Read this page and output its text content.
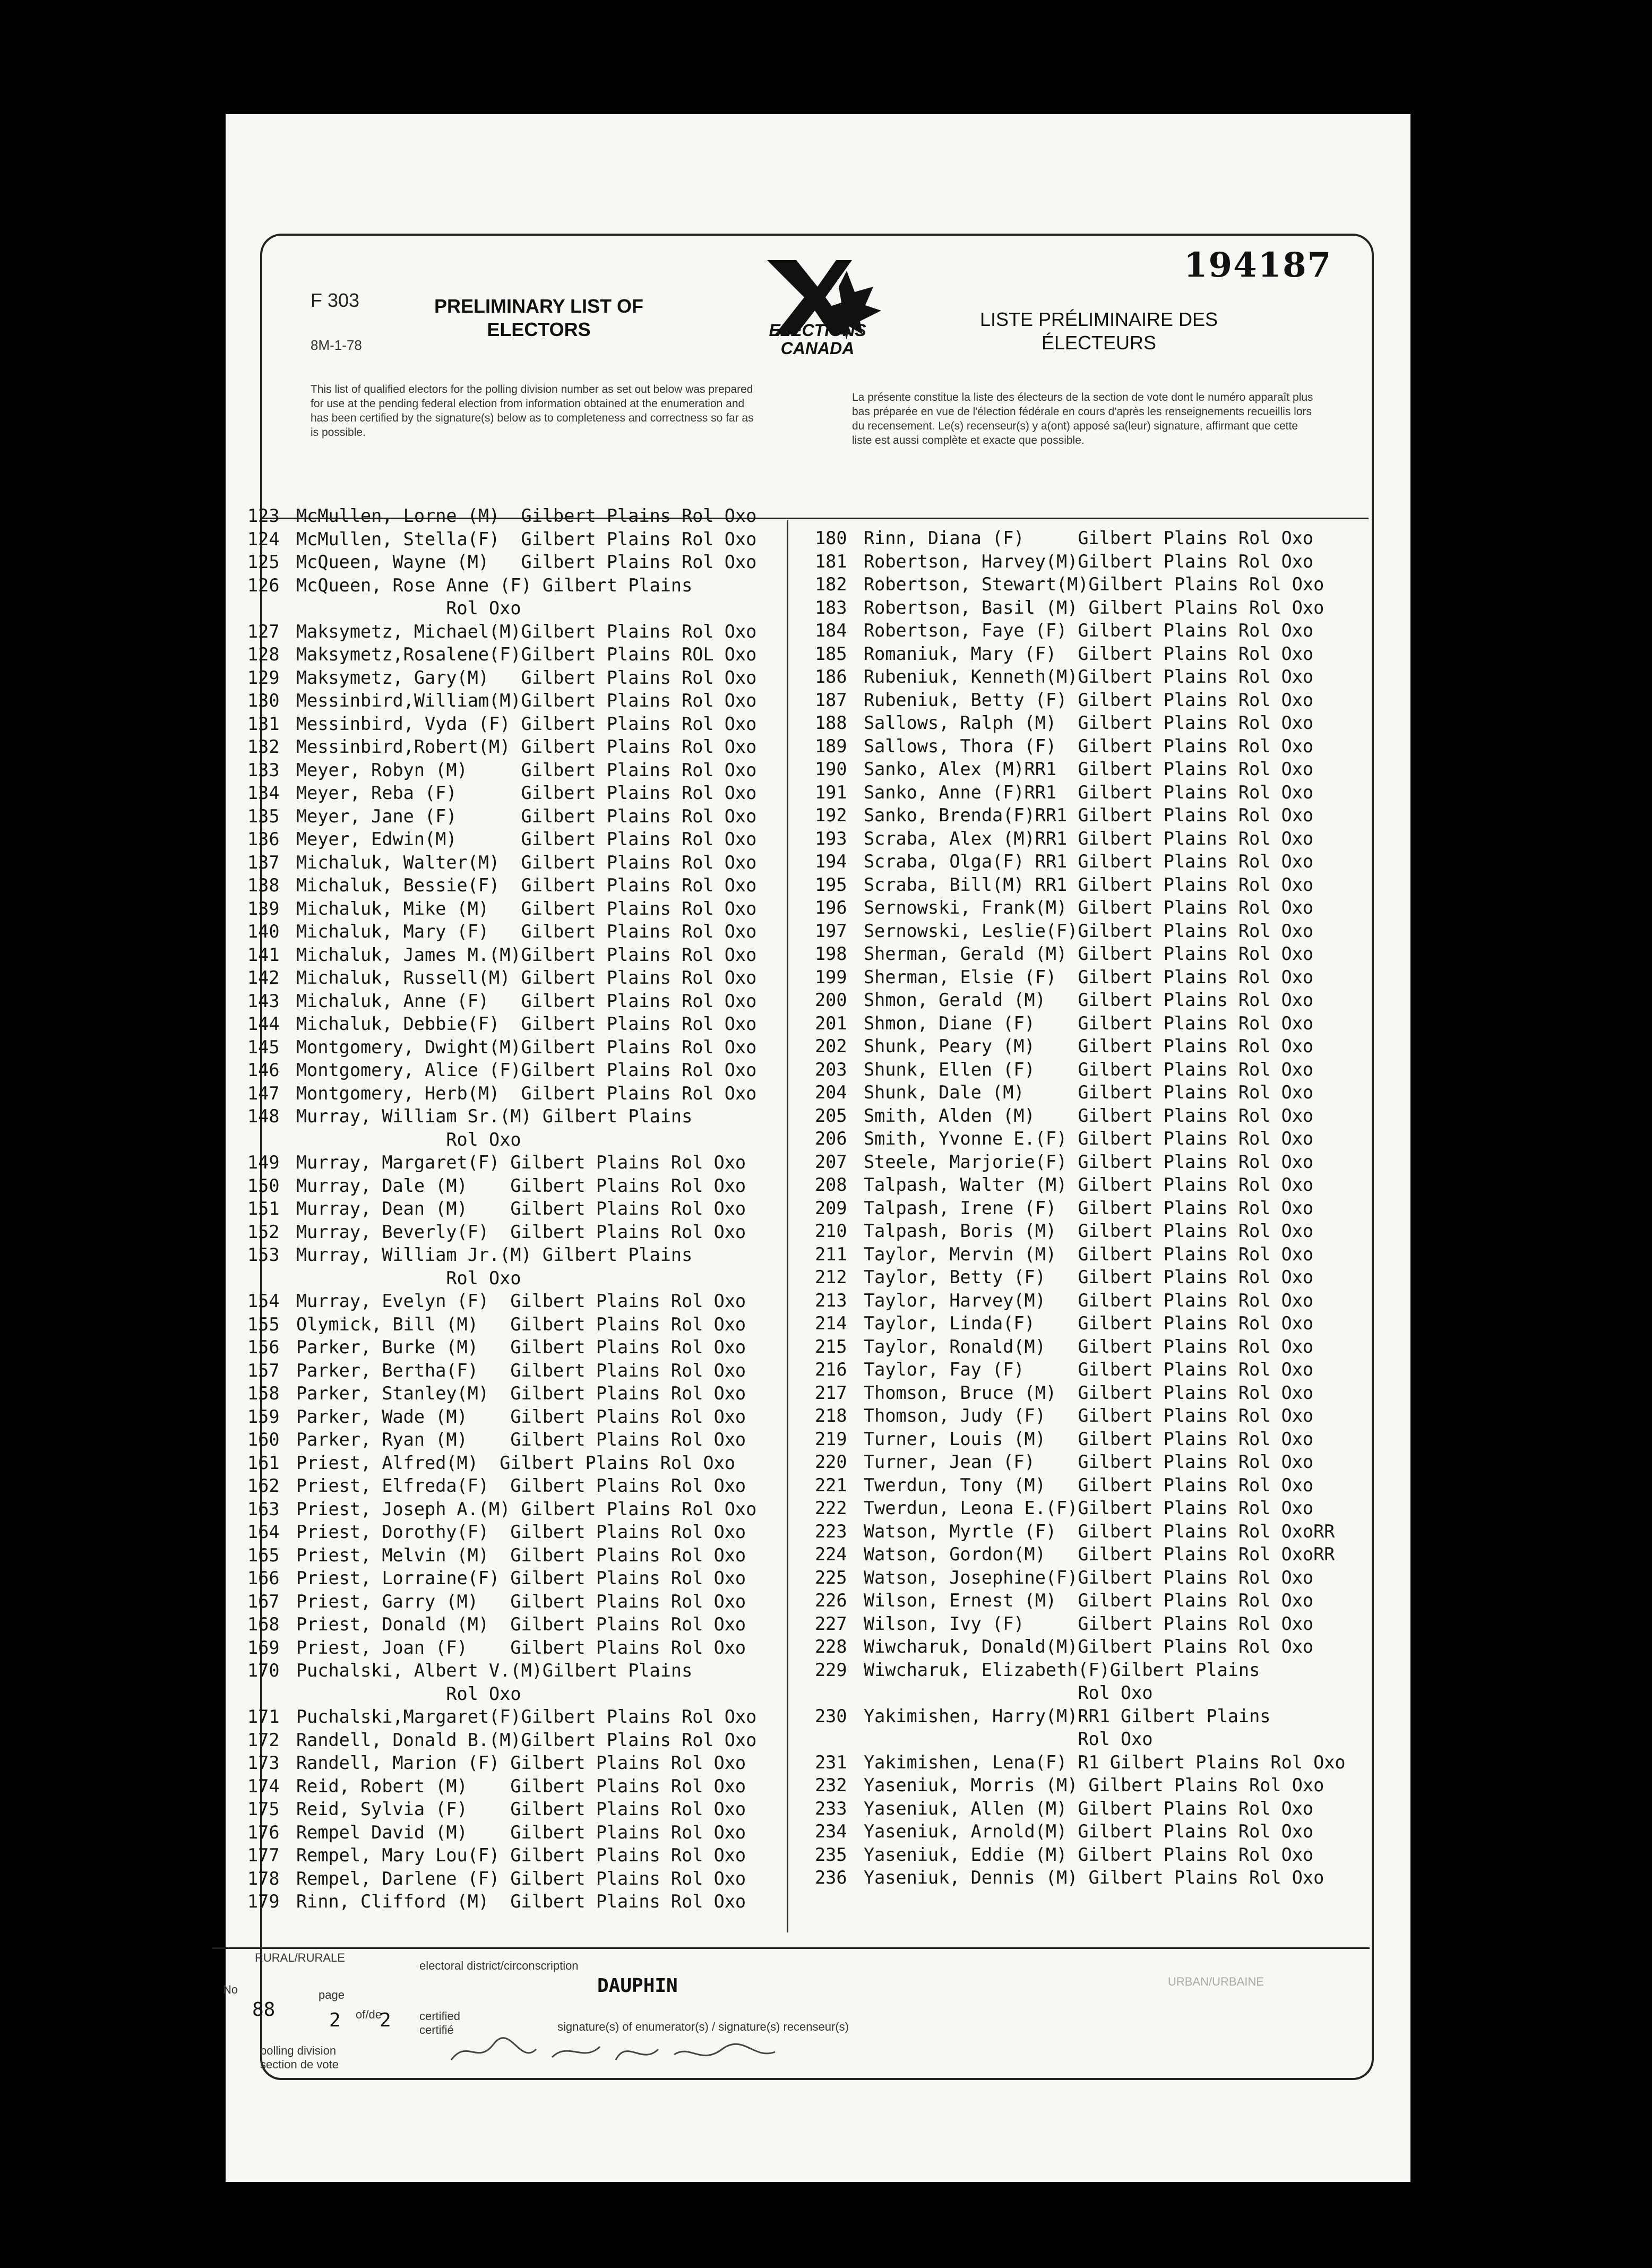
194187
F 303
8M-1-78
PRELIMINARY LIST OF ELECTORS	LISTE PRÉLIMINAIRE DES ÉLECTEURS
ELECTIONS CANADA
This list of qualified electors for the polling division number as set out below was prepared for use at the pending federal election from information obtained at the enumeration and has been certified by the signature(s) below as to completeness and correctness so far as is possible.
La présente constitue la liste des électeurs de la section de vote dont le numéro apparaît plus bas préparée en vue de l'élection fédérale en cours d'après les renseignements recueillis lors du recensement. Le(s) recenseur(s) y a(ont) apposé sa(leur) signature, affirmant que cette liste est aussi complète et exacte que possible.
123 McMullen, Lorne (M)  Gilbert Plains Rol Oxo
124 McMullen, Stella(F)  Gilbert Plains Rol Oxo
125 McQueen, Wayne (M)   Gilbert Plains Rol Oxo
126 McQueen, Rose Anne (F) Gilbert Plains
Rol Oxo
127 Maksymetz, Michael(M)Gilbert Plains Rol Oxo
128 Maksymetz,Rosalene(F)Gilbert Plains ROL Oxo
129 Maksymetz, Gary(M)   Gilbert Plains Rol Oxo
130 Messinbird,William(M)Gilbert Plains Rol Oxo
131 Messinbird, Vyda (F) Gilbert Plains Rol Oxo
132 Messinbird,Robert(M) Gilbert Plains Rol Oxo
133 Meyer, Robyn (M)     Gilbert Plains Rol Oxo
134 Meyer, Reba (F)      Gilbert Plains Rol Oxo
135 Meyer, Jane (F)      Gilbert Plains Rol Oxo
136 Meyer, Edwin(M)      Gilbert Plains Rol Oxo
137 Michaluk, Walter(M)  Gilbert Plains Rol Oxo
138 Michaluk, Bessie(F)  Gilbert Plains Rol Oxo
139 Michaluk, Mike (M)   Gilbert Plains Rol Oxo
140 Michaluk, Mary (F)   Gilbert Plains Rol Oxo
141 Michaluk, James M.(M)Gilbert Plains Rol Oxo
142 Michaluk, Russell(M) Gilbert Plains Rol Oxo
143 Michaluk, Anne (F)   Gilbert Plains Rol Oxo
144 Michaluk, Debbie(F)  Gilbert Plains Rol Oxo
145 Montgomery, Dwight(M)Gilbert Plains Rol Oxo
146 Montgomery, Alice (F)Gilbert Plains Rol Oxo
147 Montgomery, Herb(M)  Gilbert Plains Rol Oxo
148 Murray, William Sr.(M) Gilbert Plains
Rol Oxo
149 Murray, Margaret(F) Gilbert Plains Rol Oxo
150 Murray, Dale (M)    Gilbert Plains Rol Oxo
151 Murray, Dean (M)    Gilbert Plains Rol Oxo
152 Murray, Beverly(F)  Gilbert Plains Rol Oxo
153 Murray, William Jr.(M) Gilbert Plains
Rol Oxo
154 Murray, Evelyn (F)  Gilbert Plains Rol Oxo
155 Olymick, Bill (M)   Gilbert Plains Rol Oxo
156 Parker, Burke (M)   Gilbert Plains Rol Oxo
157 Parker, Bertha(F)   Gilbert Plains Rol Oxo
158 Parker, Stanley(M)  Gilbert Plains Rol Oxo
159 Parker, Wade (M)    Gilbert Plains Rol Oxo
160 Parker, Ryan (M)    Gilbert Plains Rol Oxo
161 Priest, Alfred(M)  Gilbert Plains Rol Oxo
162 Priest, Elfreda(F)  Gilbert Plains Rol Oxo
163 Priest, Joseph A.(M) Gilbert Plains Rol Oxo
164 Priest, Dorothy(F)  Gilbert Plains Rol Oxo
165 Priest, Melvin (M)  Gilbert Plains Rol Oxo
166 Priest, Lorraine(F) Gilbert Plains Rol Oxo
167 Priest, Garry (M)   Gilbert Plains Rol Oxo
168 Priest, Donald (M)  Gilbert Plains Rol Oxo
169 Priest, Joan (F)    Gilbert Plains Rol Oxo
170 Puchalski, Albert V.(M)Gilbert Plains
Rol Oxo
171 Puchalski,Margaret(F)Gilbert Plains Rol Oxo
172 Randell, Donald B.(M)Gilbert Plains Rol Oxo
173 Randell, Marion (F) Gilbert Plains Rol Oxo
174 Reid, Robert (M)    Gilbert Plains Rol Oxo
175 Reid, Sylvia (F)    Gilbert Plains Rol Oxo
176 Rempel David (M)    Gilbert Plains Rol Oxo
177 Rempel, Mary Lou(F) Gilbert Plains Rol Oxo
178 Rempel, Darlene (F) Gilbert Plains Rol Oxo
179 Rinn, Clifford (M)  Gilbert Plains Rol Oxo
180 Rinn, Diana (F)     Gilbert Plains Rol Oxo
181 Robertson, Harvey(M)Gilbert Plains Rol Oxo
182 Robertson, Stewart(M)Gilbert Plains Rol Oxo
183 Robertson, Basil (M) Gilbert Plains Rol Oxo
184 Robertson, Faye (F) Gilbert Plains Rol Oxo
185 Romaniuk, Mary (F)  Gilbert Plains Rol Oxo
186 Rubeniuk, Kenneth(M)Gilbert Plains Rol Oxo
187 Rubeniuk, Betty (F) Gilbert Plains Rol Oxo
188 Sallows, Ralph (M)  Gilbert Plains Rol Oxo
189 Sallows, Thora (F)  Gilbert Plains Rol Oxo
190 Sanko, Alex (M)RR1  Gilbert Plains Rol Oxo
191 Sanko, Anne (F)RR1  Gilbert Plains Rol Oxo
192 Sanko, Brenda(F)RR1 Gilbert Plains Rol Oxo
193 Scraba, Alex (M)RR1 Gilbert Plains Rol Oxo
194 Scraba, Olga(F) RR1 Gilbert Plains Rol Oxo
195 Scraba, Bill(M) RR1 Gilbert Plains Rol Oxo
196 Sernowski, Frank(M) Gilbert Plains Rol Oxo
197 Sernowski, Leslie(F)Gilbert Plains Rol Oxo
198 Sherman, Gerald (M) Gilbert Plains Rol Oxo
199 Sherman, Elsie (F)  Gilbert Plains Rol Oxo
200 Shmon, Gerald (M)   Gilbert Plains Rol Oxo
201 Shmon, Diane (F)    Gilbert Plains Rol Oxo
202 Shunk, Peary (M)    Gilbert Plains Rol Oxo
203 Shunk, Ellen (F)    Gilbert Plains Rol Oxo
204 Shunk, Dale (M)     Gilbert Plains Rol Oxo
205 Smith, Alden (M)    Gilbert Plains Rol Oxo
206 Smith, Yvonne E.(F) Gilbert Plains Rol Oxo
207 Steele, Marjorie(F) Gilbert Plains Rol Oxo
208 Talpash, Walter (M) Gilbert Plains Rol Oxo
209 Talpash, Irene (F)  Gilbert Plains Rol Oxo
210 Talpash, Boris (M)  Gilbert Plains Rol Oxo
211 Taylor, Mervin (M)  Gilbert Plains Rol Oxo
212 Taylor, Betty (F)   Gilbert Plains Rol Oxo
213 Taylor, Harvey(M)   Gilbert Plains Rol Oxo
214 Taylor, Linda(F)    Gilbert Plains Rol Oxo
215 Taylor, Ronald(M)   Gilbert Plains Rol Oxo
216 Taylor, Fay (F)     Gilbert Plains Rol Oxo
217 Thomson, Bruce (M)  Gilbert Plains Rol Oxo
218 Thomson, Judy (F)   Gilbert Plains Rol Oxo
219 Turner, Louis (M)   Gilbert Plains Rol Oxo
220 Turner, Jean (F)    Gilbert Plains Rol Oxo
221 Twerdun, Tony (M)   Gilbert Plains Rol Oxo
222 Twerdun, Leona E.(F)Gilbert Plains Rol Oxo
223 Watson, Myrtle (F)  Gilbert Plains Rol OxoRR
224 Watson, Gordon(M)   Gilbert Plains Rol OxoRR
225 Watson, Josephine(F)Gilbert Plains Rol Oxo
226 Wilson, Ernest (M)  Gilbert Plains Rol Oxo
227 Wilson, Ivy (F)     Gilbert Plains Rol Oxo
228 Wiwcharuk, Donald(M)Gilbert Plains Rol Oxo
229 Wiwcharuk, Elizabeth(F)Gilbert Plains
Rol Oxo
230 Yakimishen, Harry(M)RR1 Gilbert Plains
Rol Oxo
231 Yakimishen, Lena(F) R1 Gilbert Plains Rol Oxo
232 Yaseniuk, Morris (M) Gilbert Plains Rol Oxo
233 Yaseniuk, Allen (M) Gilbert Plains Rol Oxo
234 Yaseniuk, Arnold(M) Gilbert Plains Rol Oxo
235 Yaseniuk, Eddie (M) Gilbert Plains Rol Oxo
236 Yaseniuk, Dennis (M) Gilbert Plains Rol Oxo
RURAL/RURALE
electoral district/circonscription
DAUPHIN
No
88
page
2 of/de
2 certified certifié	signature(s) of enumerator(s) / signature(s) recenseur(s)
polling division section de vote
URBAN/URBAINE
